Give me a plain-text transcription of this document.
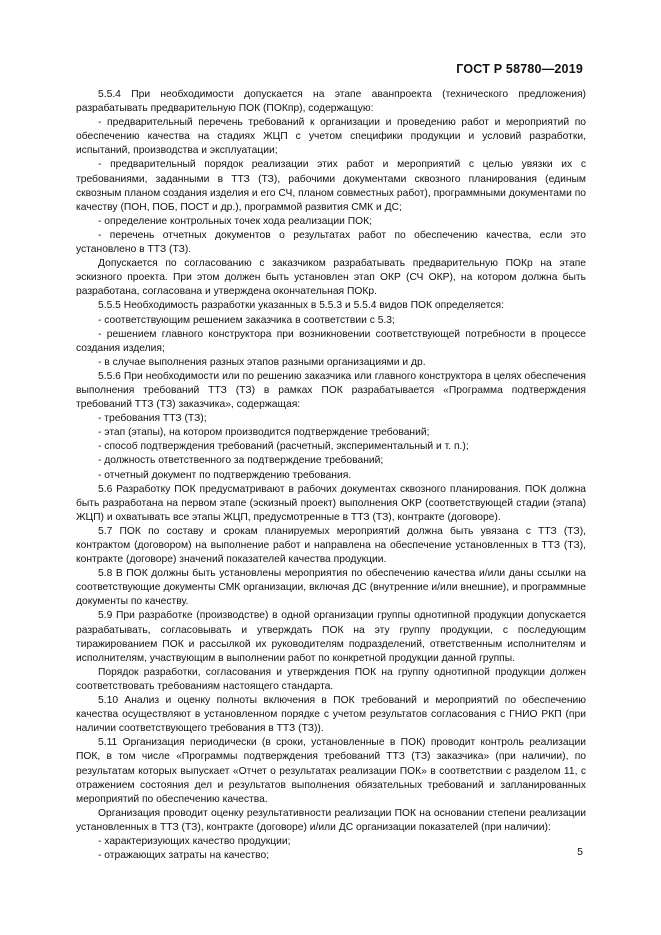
ГОСТ Р 58780—2019

5.5.4 При необходимости допускается на этапе аванпроекта (технического предложения) разрабатывать предварительную ПОК (ПОКпр), содержащую:

- предварительный перечень требований к организации и проведению работ и мероприятий по обеспечению качества на стадиях ЖЦП с учетом специфики продукции и условий разработки, испытаний, производства и эксплуатации;

- предварительный порядок реализации этих работ и мероприятий с целью увязки их с требованиями, заданными в ТТЗ (ТЗ), рабочими документами сквозного планирования (единым сквозным планом создания изделия и его СЧ, планом совместных работ), программными документами по качеству (ПОН, ПОБ, ПОСТ и др.), программой развития СМК и ДС;

- определение контрольных точек хода реализации ПОК;

- перечень отчетных документов о результатах работ по обеспечению качества, если это установлено в ТТЗ (ТЗ).

Допускается по согласованию с заказчиком разрабатывать предварительную ПОКр на этапе эскизного проекта. При этом должен быть установлен этап ОКР (СЧ ОКР), на котором должна быть разработана, согласована и утверждена окончательная ПОКр.

5.5.5 Необходимость разработки указанных в 5.5.3 и 5.5.4 видов ПОК определяется:

- соответствующим решением заказчика в соответствии с 5.3;

- решением главного конструктора при возникновении соответствующей потребности в процессе создания изделия;

- в случае выполнения разных этапов разными организациями и др.

5.5.6 При необходимости или по решению заказчика или главного конструктора в целях обеспечения выполнения требований ТТЗ (ТЗ) в рамках ПОК разрабатывается «Программа подтверждения требований ТТЗ (ТЗ) заказчика», содержащая:

- требования ТТЗ (ТЗ);

- этап (этапы), на котором производится подтверждение требований;

- способ подтверждения требований (расчетный, экспериментальный и т. п.);

- должность ответственного за подтверждение требований;

- отчетный документ по подтверждению требования.

5.6 Разработку ПОК предусматривают в рабочих документах сквозного планирования. ПОК должна быть разработана на первом этапе (эскизный проект) выполнения ОКР (соответствующей стадии (этапа) ЖЦП) и охватывать все этапы ЖЦП, предусмотренные в ТТЗ (ТЗ), контракте (договоре).

5.7 ПОК по составу и срокам планируемых мероприятий должна быть увязана с ТТЗ (ТЗ), контрактом (договором) на выполнение работ и направлена на обеспечение установленных в ТТЗ (ТЗ), контракте (договоре) значений показателей качества продукции.

5.8 В ПОК должны быть установлены мероприятия по обеспечению качества и/или даны ссылки на соответствующие документы СМК организации, включая ДС (внутренние и/или внешние), и программные документы по качеству.

5.9 При разработке (производстве) в одной организации группы однотипной продукции допускается разрабатывать, согласовывать и утверждать ПОК на эту группу продукции, с последующим тиражированием ПОК и рассылкой их руководителям подразделений, ответственным исполнителям и исполнителям, участвующим в выполнении работ по конкретной продукции данной группы.

Порядок разработки, согласования и утверждения ПОК на группу однотипной продукции должен соответствовать требованиям настоящего стандарта.

5.10 Анализ и оценку полноты включения в ПОК требований и мероприятий по обеспечению качества осуществляют в установленном порядке с учетом результатов согласования с ГНИО РКП (при наличии соответствующего требования в ТТЗ (ТЗ)).

5.11 Организация периодически (в сроки, установленные в ПОК) проводит контроль реализации ПОК, в том числе «Программы подтверждения требований ТТЗ (ТЗ) заказчика» (при наличии), по результатам которых выпускает «Отчет о результатах реализации ПОК» в соответствии с разделом 11, с отражением состояния дел и результатов выполнения обязательных требований и запланированных мероприятий по обеспечению качества.

Организация проводит оценку результативности реализации ПОК на основании степени реализации установленных в ТТЗ (ТЗ), контракте (договоре) и/или ДС организации показателей (при наличии):

- характеризующих качество продукции;

- отражающих затраты на качество;	5
